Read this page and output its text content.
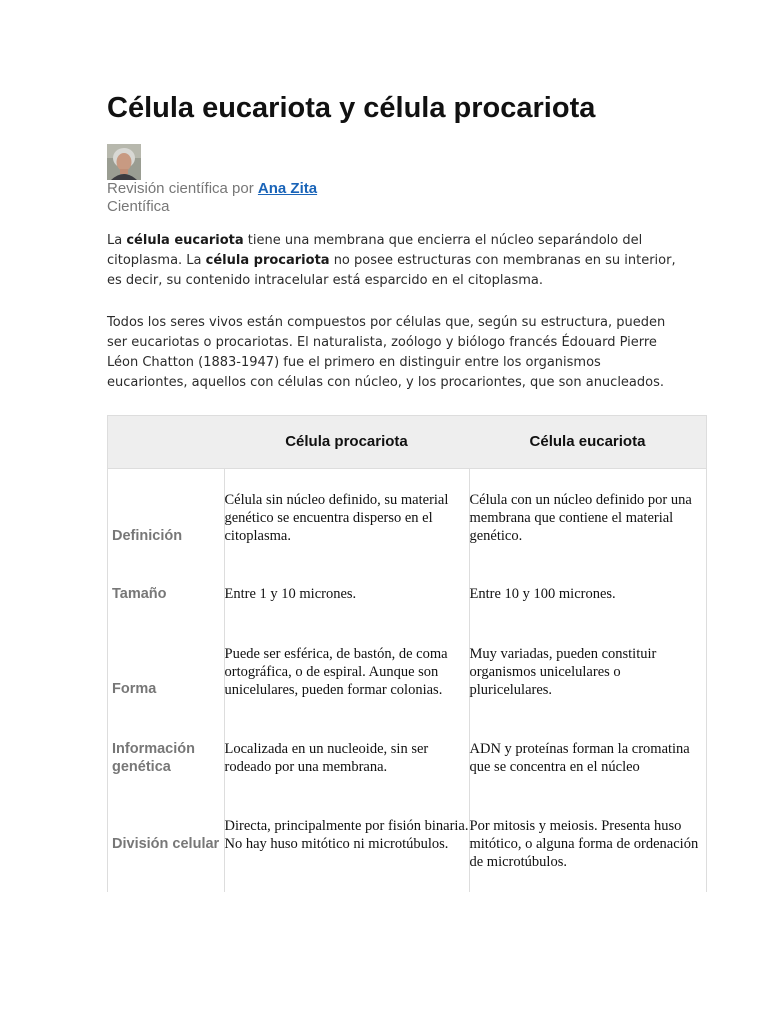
Célula eucariota y célula procariota
Revisión científica por Ana Zita
Científica

La célula eucariota tiene una membrana que encierra el núcleo separándolo del citoplasma. La célula procariota no posee estructuras con membranas en su interior, es decir, su contenido intracelular está esparcido en el citoplasma.

Todos los seres vivos están compuestos por células que, según su estructura, pueden ser eucariotas o procariotas. El naturalista, zoólogo y biólogo francés Édouard Pierre Léon Chatton (1883-1947) fue el primero en distinguir entre los organismos eucariontes, aquellos con células con núcleo, y los procariontes, que son anucleados.

	Célula procariota	Célula eucariota

Definición	Célula sin núcleo definido, su material genético se encuentra disperso en el citoplasma.	Célula con un núcleo definido por una membrana que contiene el material genético.

Tamaño	Entre 1 y 10 micrones.	Entre 10 y 100 micrones.

Forma	Puede ser esférica, de bastón, de coma ortográfica, o de espiral. Aunque son unicelulares, pueden formar colonias.	Muy variadas, pueden constituir organismos unicelulares o pluricelulares.

Información genética	Localizada en un nucleoide, sin ser rodeado por una membrana.	ADN y proteínas forman la cromatina que se concentra en el núcleo

División celular	Directa, principalmente por fisión binaria. No hay huso mitótico ni microtúbulos.	Por mitosis y meiosis. Presenta huso mitótico, o alguna forma de ordenación de microtúbulos.
